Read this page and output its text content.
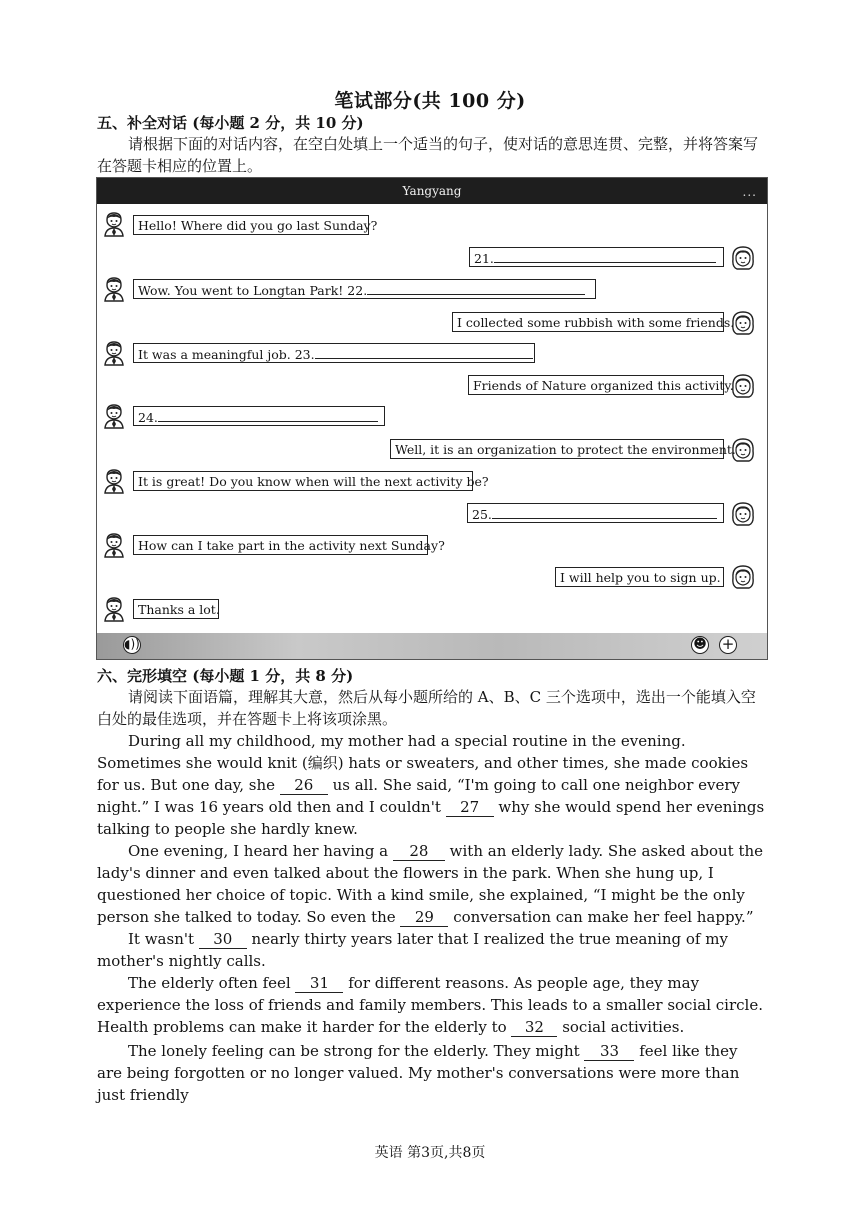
笔试部分(共 100 分)
五、补全对话 (每小题 2 分，共 10 分)
请根据下面的对话内容，在空白处填上一个适当的句子，使对话的意思连贯、完整，并将答案写在答题卡相应的位置上。
Yangyang	...
Hello! Where did you go last Sunday?
21.
Wow. You went to Longtan Park! 22.
I collected some rubbish with some friends.
It was a meaningful job. 23.
Friends of Nature organized this activity.
24.
Well, it is an organization to protect the environment.
It is great! Do you know when will the next activity be?
25.
How can I take part in the activity next Sunday?
I will help you to sign up.
Thanks a lot.
◖))	☻ +
六、完形填空 (每小题 1 分，共 8 分)
请阅读下面语篇，理解其大意，然后从每小题所给的 A、B、C 三个选项中，选出一个能填入空白处的最佳选项，并在答题卡上将该项涂黑。
During all my childhood, my mother had a special routine in the evening. Sometimes she would knit (编织) hats or sweaters, and other times, she made cookies for us. But one day, she 26 us all. She said, “I'm going to call one neighbor every night.” I was 16 years old then and I couldn't 27 why she would spend her evenings talking to people she hardly knew.
One evening, I heard her having a 28 with an elderly lady. She asked about the lady's dinner and even talked about the flowers in the park. When she hung up, I questioned her choice of topic. With a kind smile, she explained, “I might be the only person she talked to today. So even the 29 conversation can make her feel happy.”
It wasn't 30 nearly thirty years later that I realized the true meaning of my mother's nightly calls.
The elderly often feel 31 for different reasons. As people age, they may experience the loss of friends and family members. This leads to a smaller social circle. Health problems can make it harder for the elderly to 32 social activities.
The lonely feeling can be strong for the elderly. They might 33 feel like they are being forgotten or no longer valued. My mother's conversations were more than just friendly
英语 第3页,共8页
